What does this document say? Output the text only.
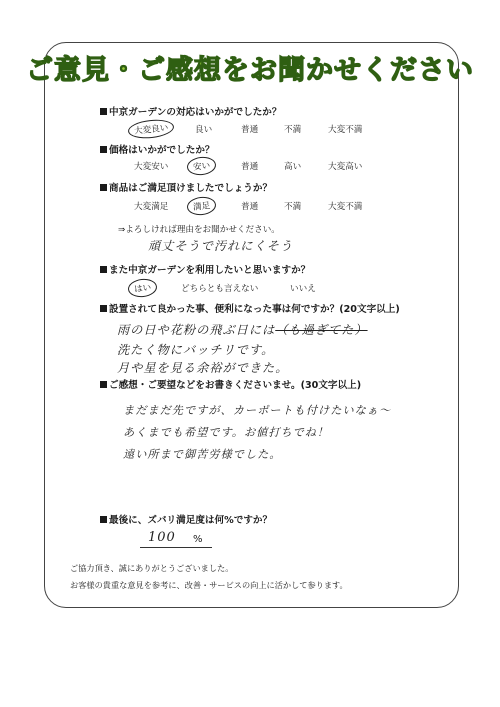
ご意見・ご感想をお聞かせください
中京ガーデンの対応はいかがでしたか？
大変良い	良い	普通	不満	大変不満
価格はいかがでしたか？
大変安い	安い	普通	高い	大変高い
商品はご満足頂けましたでしょうか？
大変満足	満足	普通	不満	大変不満
⇒よろしければ理由をお聞かせください。
頑丈そうで汚れにくそう
また中京ガーデンを利用したいと思いますか？
はい	どちらとも言えない	いいえ
設置されて良かった事、便利になった事は何ですか？(20文字以上)
雨の日や花粉の飛ぶ日には（も過ぎてた）
洗たく物にバッチリです。
月や星を見る余裕ができた。
ご感想・ご要望などをお書きくださいませ。(30文字以上)
まだまだ先ですが、カーポートも付けたいなぁ～
あくまでも希望です。お値打ちでね！
遠い所まで御苦労様でした。
最後に、ズバリ満足度は何%ですか？
100 %
ご協力頂き、誠にありがとうございました。
お客様の貴重な意見を参考に、改善・サービスの向上に活かして参ります。
